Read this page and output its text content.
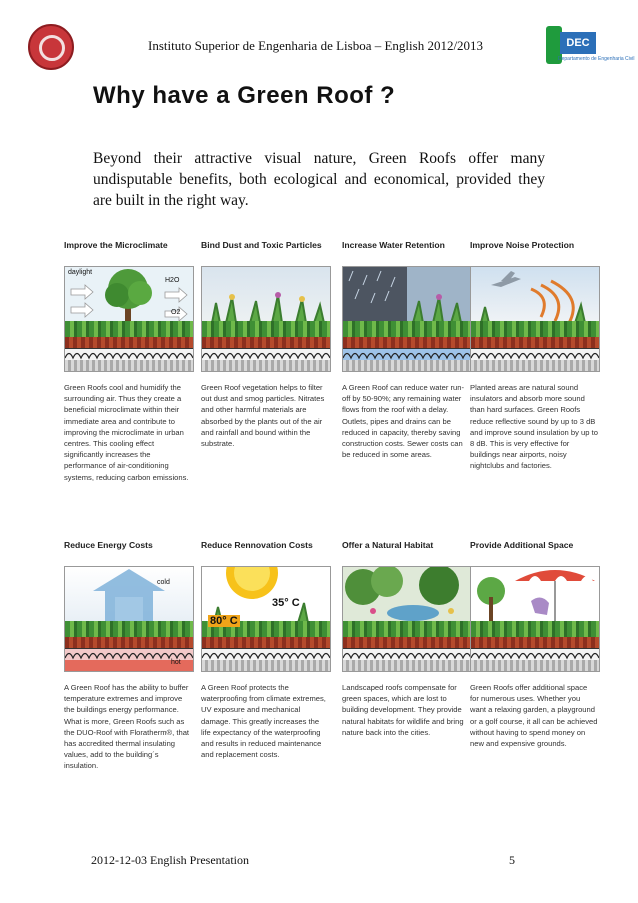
Instituto Superior de Engenharia de Lisboa – English 2012/2013	DEC
Departamento de Engenharia Civil
Why have a Green Roof ?
Beyond their attractive visual nature, Green Roofs offer many undisputable benefits, both ecological and economical, provided they are built in the right way.
Improve the Microclimate
daylight
H2O
O2
Green Roofs cool and humidify the surrounding air. Thus they create a beneficial microclimate within their immediate area and contribute to improving the microclimate in urban centres. This cooling effect significantly increases the performance of air-conditioning systems, reducing carbon emissions.
Bind Dust and Toxic Particles
Green Roof vegetation helps to filter out dust and smog particles. Nitrates and other harmful materials are absorbed by the plants out of the air and rainfall and bound within the substrate.
Increase Water Retention
A Green Roof can reduce water run-off by 50-90%; any remaining water flows from the roof with a delay. Outlets, pipes and drains can be reduced in capacity, thereby saving construction costs. Sewer costs can be reduced in some areas.
Improve Noise Protection
Planted areas are natural sound insulators and absorb more sound than hard surfaces. Green Roofs reduce reflective sound by up to 3 dB and improve sound insulation by up to 8 dB. This is very effective for buildings near airports, noisy nightclubs and factories.
Reduce Energy Costs
cold
hot
A Green Roof has the ability to buffer temperature extremes and improve the buildings energy performance. What is more, Green Roofs such as the DUO-Roof with Floratherm®, that has accredited thermal insulating values, add to the building´s insulation.
Reduce Rennovation Costs
35° C
80° C
A Green Roof protects the waterproofing from climate extremes, UV exposure and mechanical damage. This greatly increases the life expectancy of the waterproofing and results in reduced maintenance and replacement costs.
Offer a Natural Habitat
Landscaped roofs compensate for green spaces, which are lost to building development. They provide natural habitats for wildlife and bring nature back into the cities.
Provide Additional Space
Green Roofs offer additional space for numerous uses. Whether you want a relaxing garden, a playground or a golf course, it all can be achieved without having to spend money on new and expensive grounds.
2012-12-03 English Presentation	5
